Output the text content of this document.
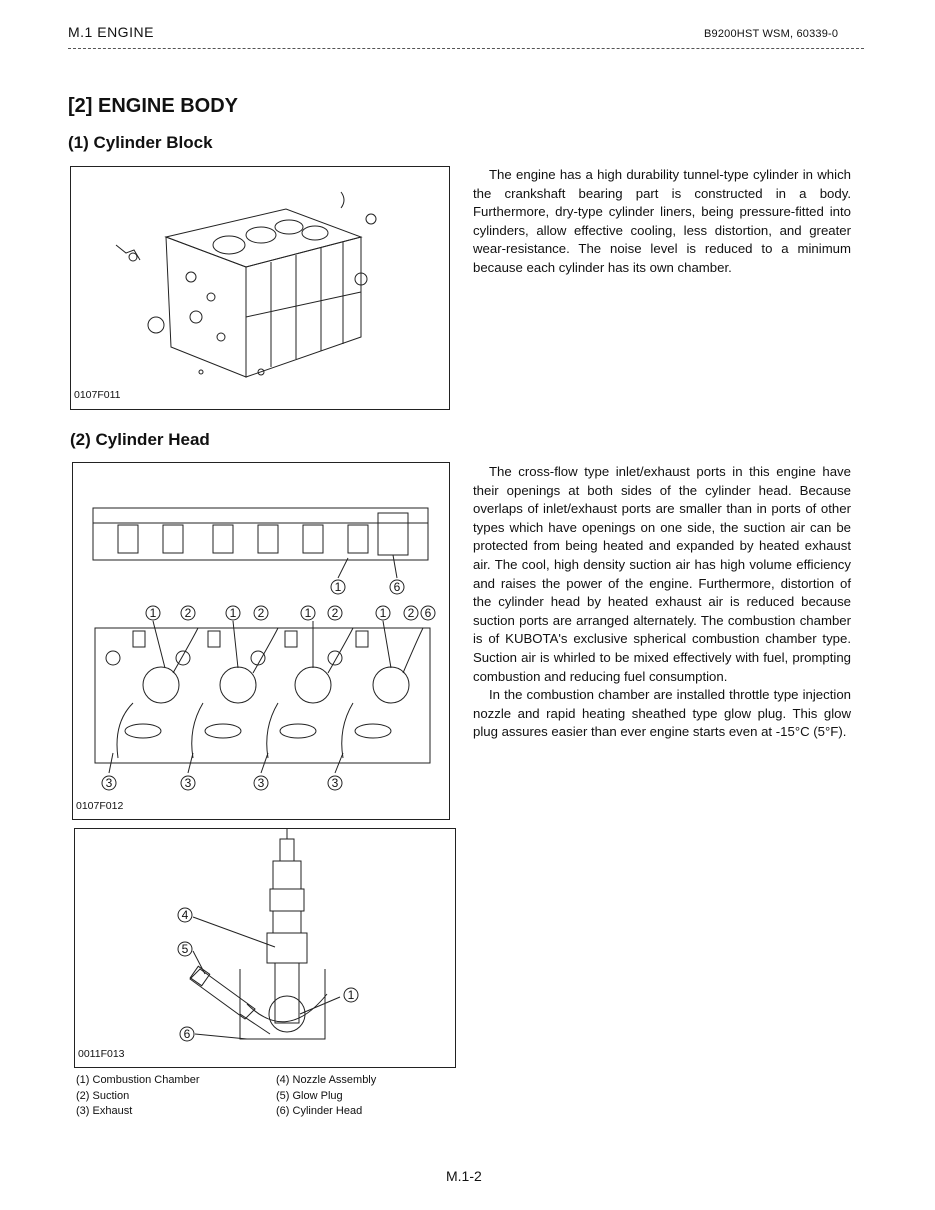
M.1 ENGINE	B9200HST WSM, 60339-0
[2] ENGINE BODY
(1) Cylinder Block
0107F011
The engine has a high durability tunnel-type cylinder in which the crankshaft bearing part is constructed in a body. Furthermore, dry-type cylinder liners, being pressure-fitted into cylinders, allow effective cooling, less distortion, and greater wear-resistance. The noise level is reduced to a minimum because each cylinder has its own chamber.
(2) Cylinder Head
1	6
1 2	1 2	1 2	1 2 6
3	3	3	3
0107F012
4
5
1
6
0011F013
(1) Combustion Chamber
(2) Suction
(3) Exhaust
(4) Nozzle Assembly
(5) Glow Plug
(6) Cylinder Head
The cross-flow type inlet/exhaust ports in this engine have their openings at both sides of the cylinder head. Because overlaps of inlet/exhaust ports are smaller than in ports of other types which have openings on one side, the suction air can be protected from being heated and expanded by heated exhaust air. The cool, high density suction air has high volume efficiency and raises the power of the engine. Furthermore, distortion of the cylinder head by heated exhaust air is reduced because suction ports are arranged alternately. The combustion chamber is of KUBOTA's exclusive spherical combustion chamber type. Suction air is whirled to be mixed effectively with fuel, prompting combustion and reducing fuel consumption.
In the combustion chamber are installed throttle type injection nozzle and rapid heating sheathed type glow plug. This glow plug assures easier than ever engine starts even at -15°C (5°F).
M.1-2
